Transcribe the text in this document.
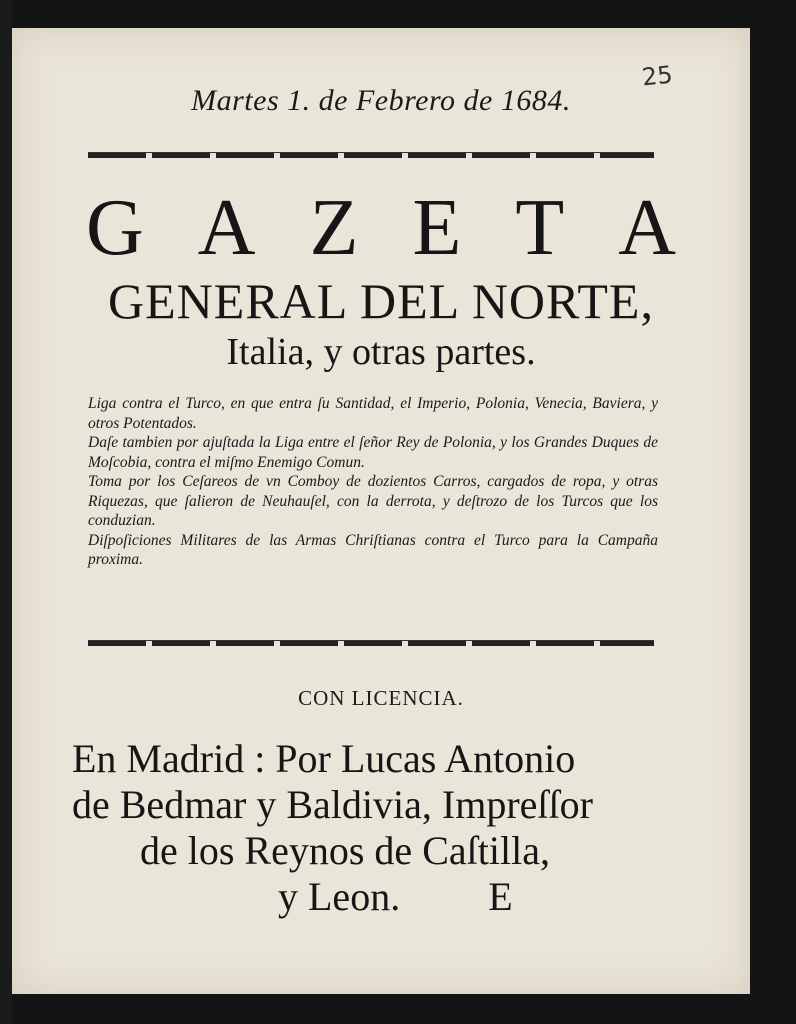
25
Martes 1. de Febrero de 1684.
G A Z E T A
GENERAL DEL NORTE,
Italia, y otras partes.

Liga contra el Turco, en que entra ſu Santidad, el Imperio, Polonia, Venecia, Baviera, y otros Potentados.

Daſe tambien por ajuſtada la Liga entre el ſeñor Rey de Polonia, y los Grandes Duques de Moſcobia, contra el miſmo Enemigo Comun.

Toma por los Ceſareos de vn Comboy de dozientos Carros, cargados de ropa, y otras Riquezas, que ſalieron de Neuhauſel, con la derrota, y deſtrozo de los Turcos que los conduzian.

Diſpoſiciones Militares de las Armas Chriſtianas contra el Turco para la Campaña proxima.

CON LICENCIA.
En Madrid : Por Lucas Antonio
de Bedmar y Baldivia, Impreſſor
de los Reynos de Caſtilla,
y Leon. E
